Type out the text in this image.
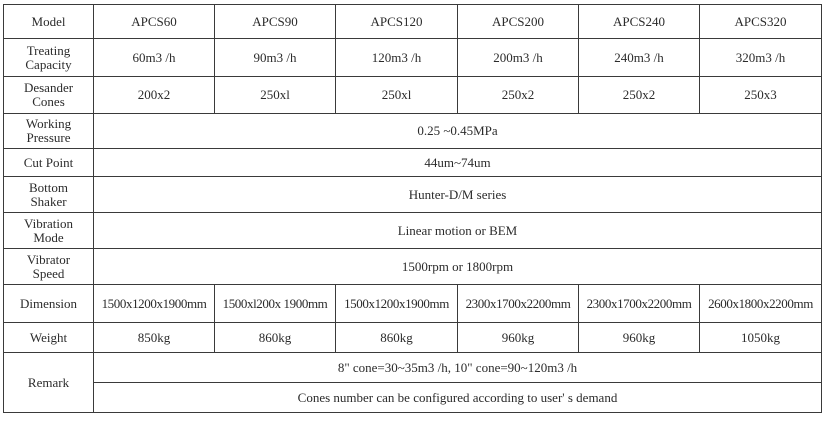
Model	APCS60	APCS90	APCS120	APCS200	APCS240	APCS320
Treating
Capacity	60m3 /h	90m3 /h	120m3 /h	200m3 /h	240m3 /h	320m3 /h
Desander
Cones	200x2	250xl	250xl	250x2	250x2	250x3
Working
Pressure	0.25 ~0.45MPa					
Cut Point	44um~74um					
Bottom
Shaker	Hunter-D/M series					
Vibration
Mode	Linear motion or BEM					
Vibrator
Speed	1500rpm or 1800rpm					
Dimension	1500x1200x1900mm	1500xl200x 1900mm	1500x1200x1900mm	2300x1700x2200mm	2300x1700x2200mm	2600x1800x2200mm
Weight	850kg	860kg	860kg	960kg	960kg	1050kg
Remark	8" cone=30~35m3 /h, 10" cone=90~120m3 /h					
	Cones number can be configured according to user' s demand					
